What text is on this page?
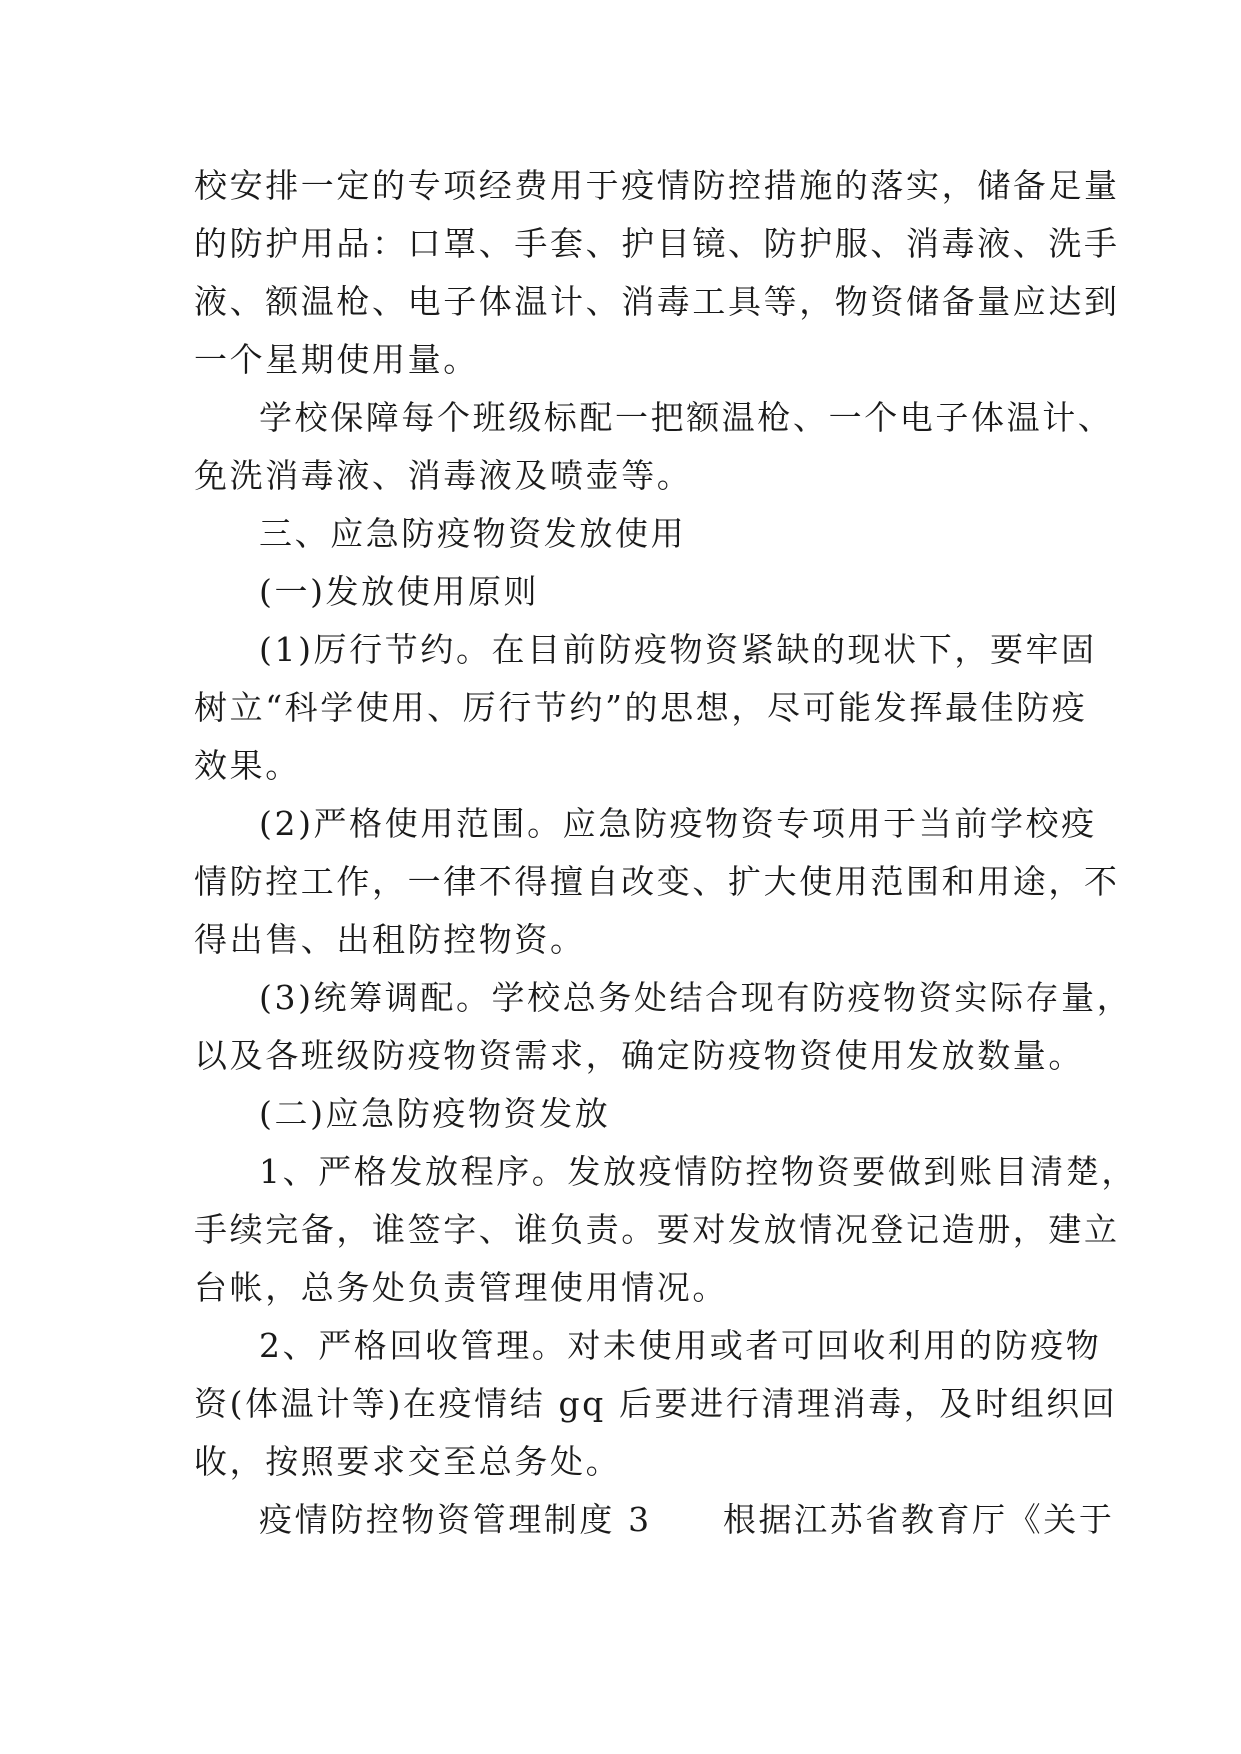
校安排一定的专项经费用于疫情防控措施的落实，储备足量
的防护用品：口罩、手套、护目镜、防护服、消毒液、洗手
液、额温枪、电子体温计、消毒工具等，物资储备量应达到
一个星期使用量。
学校保障每个班级标配一把额温枪、一个电子体温计、
免洗消毒液、消毒液及喷壶等。
三、应急防疫物资发放使用
(一)发放使用原则
(1)厉行节约。在目前防疫物资紧缺的现状下，要牢固
树立“科学使用、厉行节约”的思想，尽可能发挥最佳防疫
效果。
(2)严格使用范围。应急防疫物资专项用于当前学校疫
情防控工作，一律不得擅自改变、扩大使用范围和用途，不
得出售、出租防控物资。
(3)统筹调配。学校总务处结合现有防疫物资实际存量，
以及各班级防疫物资需求，确定防疫物资使用发放数量。
(二)应急防疫物资发放
1、严格发放程序。发放疫情防控物资要做到账目清楚，
手续完备，谁签字、谁负责。要对发放情况登记造册，建立
台帐，总务处负责管理使用情况。
2、严格回收管理。对未使用或者可回收利用的防疫物
资(体温计等)在疫情结 gq 后要进行清理消毒，及时组织回
收，按照要求交至总务处。
疫情防控物资管理制度 3　　根据江苏省教育厅《关于
